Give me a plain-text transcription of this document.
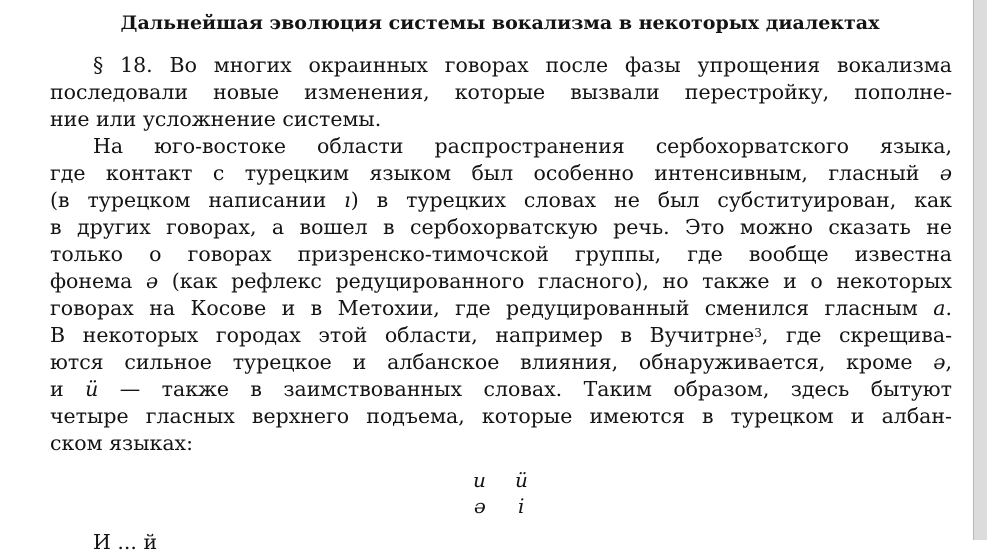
Дальнейшая эволюция системы вокализма в некоторых диалектах
§ 18. Во многих окраинных говорах после фазы упрощения вокализма
последовали новые изменения, которые вызвали перестройку, пополне-
ние или усложнение системы.
На юго-востоке области распространения сербохорватского языка,
где контакт с турецким языком был особенно интенсивным, гласный ə
(в турецком написании ı) в турецких словах не был субституирован, как
в других говорах, а вошел в сербохорватскую речь. Это можно сказать не
только о говорах призренско-тимочской группы, где вообще известна
фонема ə (как рефлекс редуцированного гласного), но также и о некоторых
говорах на Косове и в Метохии, где редуцированный сменился гласным а.
В некоторых городах этой области, например в Вучитрне$^3$, где скрещива-
ются сильное турецкое и албанское влияния, обнаруживается, кроме ə,
и ü — также в заимствованных словах. Таким образом, здесь бытуют
четыре гласных верхнего подъема, которые имеются в турецком и албан-
ском языках:
и ü
ə i
И ... й
